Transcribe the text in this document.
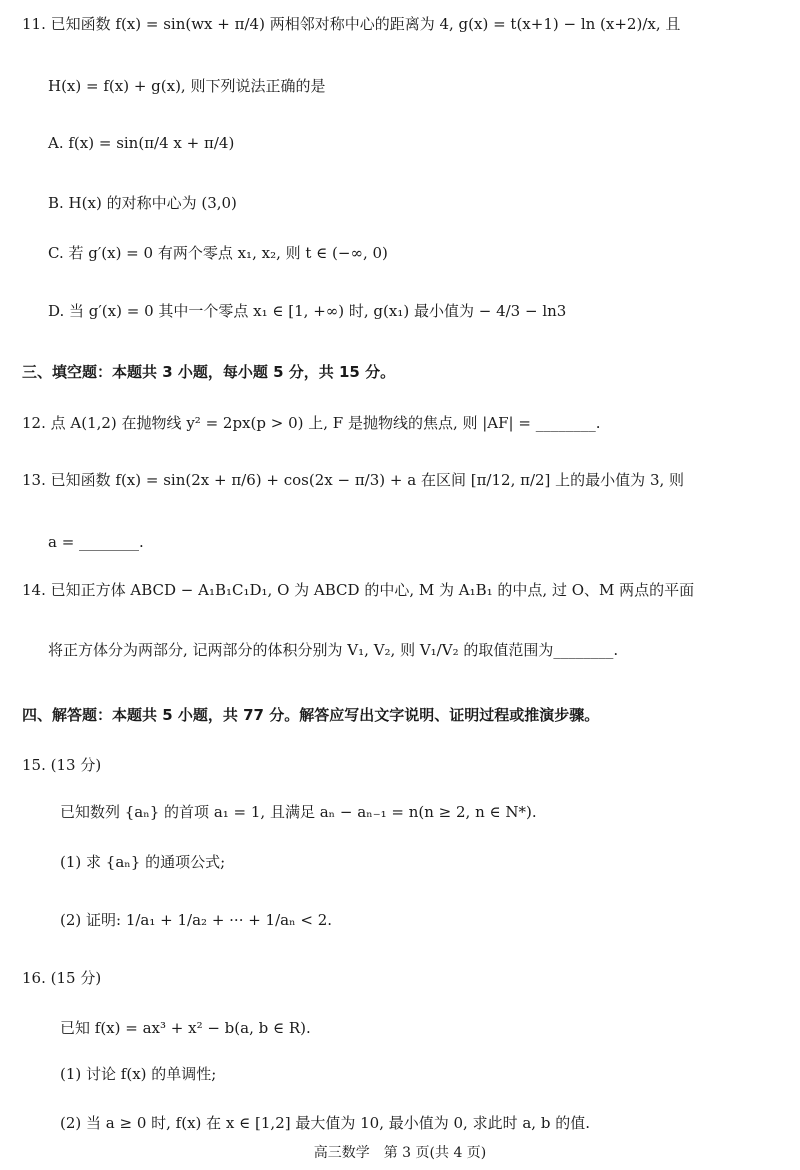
11. 已知函数 f(x) = sin(wx + π/4) 两相邻对称中心的距离为 4, g(x) = t(x+1) − ln (x+2)/x, 且
H(x) = f(x) + g(x), 则下列说法正确的是
A. f(x) = sin(π/4 x + π/4)
B. H(x) 的对称中心为 (3,0)
C. 若 g′(x) = 0 有两个零点 x₁, x₂, 则 t ∈ (−∞, 0)
D. 当 g′(x) = 0 其中一个零点 x₁ ∈ [1, +∞) 时, g(x₁) 最小值为 − 4/3 − ln3
三、填空题：本题共 3 小题，每小题 5 分，共 15 分。
12. 点 A(1,2) 在抛物线 y² = 2px(p > 0) 上, F 是抛物线的焦点, 则 |AF| = ________.
13. 已知函数 f(x) = sin(2x + π/6) + cos(2x − π/3) + a 在区间 [π/12, π/2] 上的最小值为 3, 则
a = ________.
14. 已知正方体 ABCD − A₁B₁C₁D₁, O 为 ABCD 的中心, M 为 A₁B₁ 的中点, 过 O、M 两点的平面
将正方体分为两部分, 记两部分的体积分别为 V₁, V₂, 则 V₁/V₂ 的取值范围为________.
四、解答题：本题共 5 小题，共 77 分。解答应写出文字说明、证明过程或推演步骤。
15. (13 分)
已知数列 {aₙ} 的首项 a₁ = 1, 且满足 aₙ − aₙ₋₁ = n(n ≥ 2, n ∈ N*).
(1) 求 {aₙ} 的通项公式;
(2) 证明: 1/a₁ + 1/a₂ + ··· + 1/aₙ < 2.
16. (15 分)
已知 f(x) = ax³ + x² − b(a, b ∈ R).
(1) 讨论 f(x) 的单调性;
(2) 当 a ≥ 0 时, f(x) 在 x ∈ [1,2] 最大值为 10, 最小值为 0, 求此时 a, b 的值.
高三数学　第 3 页(共 4 页)
